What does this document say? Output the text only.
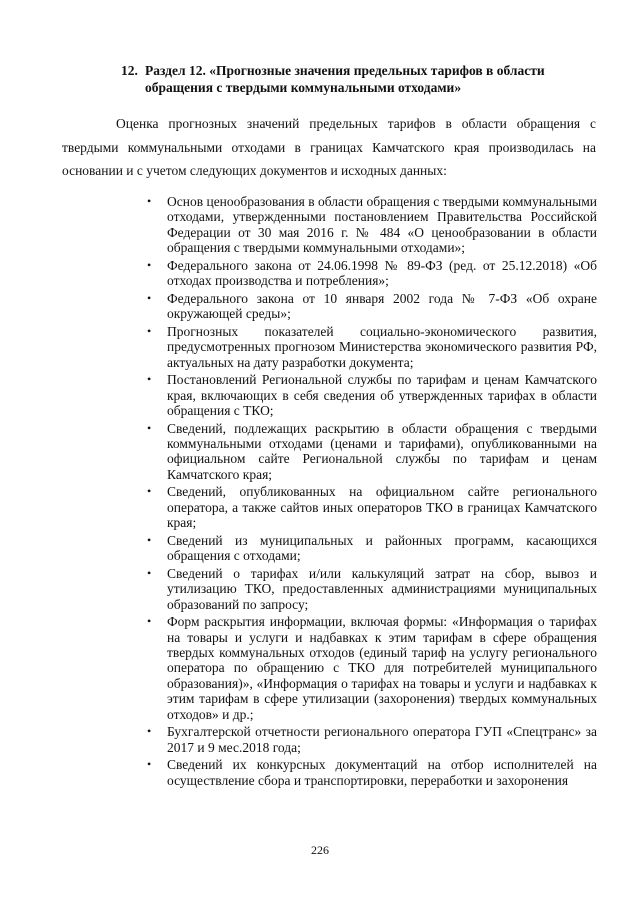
12. Раздел 12. «Прогнозные значения предельных тарифов в области обращения с твердыми коммунальными отходами»
Оценка прогнозных значений предельных тарифов в области обращения с твердыми коммунальными отходами в границах Камчатского края производилась на основании и с учетом следующих документов и исходных данных:
• Основ ценообразования в области обращения с твердыми коммунальными отходами, утвержденными постановлением Правительства Российской Федерации от 30 мая 2016 г. № 484 «О ценообразовании в области обращения с твердыми коммунальными отходами»;
• Федерального закона от 24.06.1998 № 89-ФЗ (ред. от 25.12.2018) «Об отходах производства и потребления»;
• Федерального закона от 10 января 2002 года № 7-ФЗ «Об охране окружающей среды»;
• Прогнозных показателей социально-экономического развития, предусмотренных прогнозом Министерства экономического развития РФ, актуальных на дату разработки документа;
• Постановлений Региональной службы по тарифам и ценам Камчатского края, включающих в себя сведения об утвержденных тарифах в области обращения с ТКО;
• Сведений, подлежащих раскрытию в области обращения с твердыми коммунальными отходами (ценами и тарифами), опубликованными на официальном сайте Региональной службы по тарифам и ценам Камчатского края;
• Сведений, опубликованных на официальном сайте регионального оператора, а также сайтов иных операторов ТКО в границах Камчатского края;
• Сведений из муниципальных и районных программ, касающихся обращения с отходами;
• Сведений о тарифах и/или калькуляций затрат на сбор, вывоз и утилизацию ТКО, предоставленных администрациями муниципальных образований по запросу;
• Форм раскрытия информации, включая формы: «Информация о тарифах на товары и услуги и надбавках к этим тарифам в сфере обращения твердых коммунальных отходов (единый тариф на услугу регионального оператора по обращению с ТКО для потребителей муниципального образования)», «Информация о тарифах на товары и услуги и надбавках к этим тарифам в сфере утилизации (захоронения) твердых коммунальных отходов» и др.;
• Бухгалтерской отчетности регионального оператора ГУП «Спецтранс» за 2017 и 9 мес.2018 года;
• Сведений их конкурсных документаций на отбор исполнителей на осуществление сбора и транспортировки, переработки и захоронения
226
